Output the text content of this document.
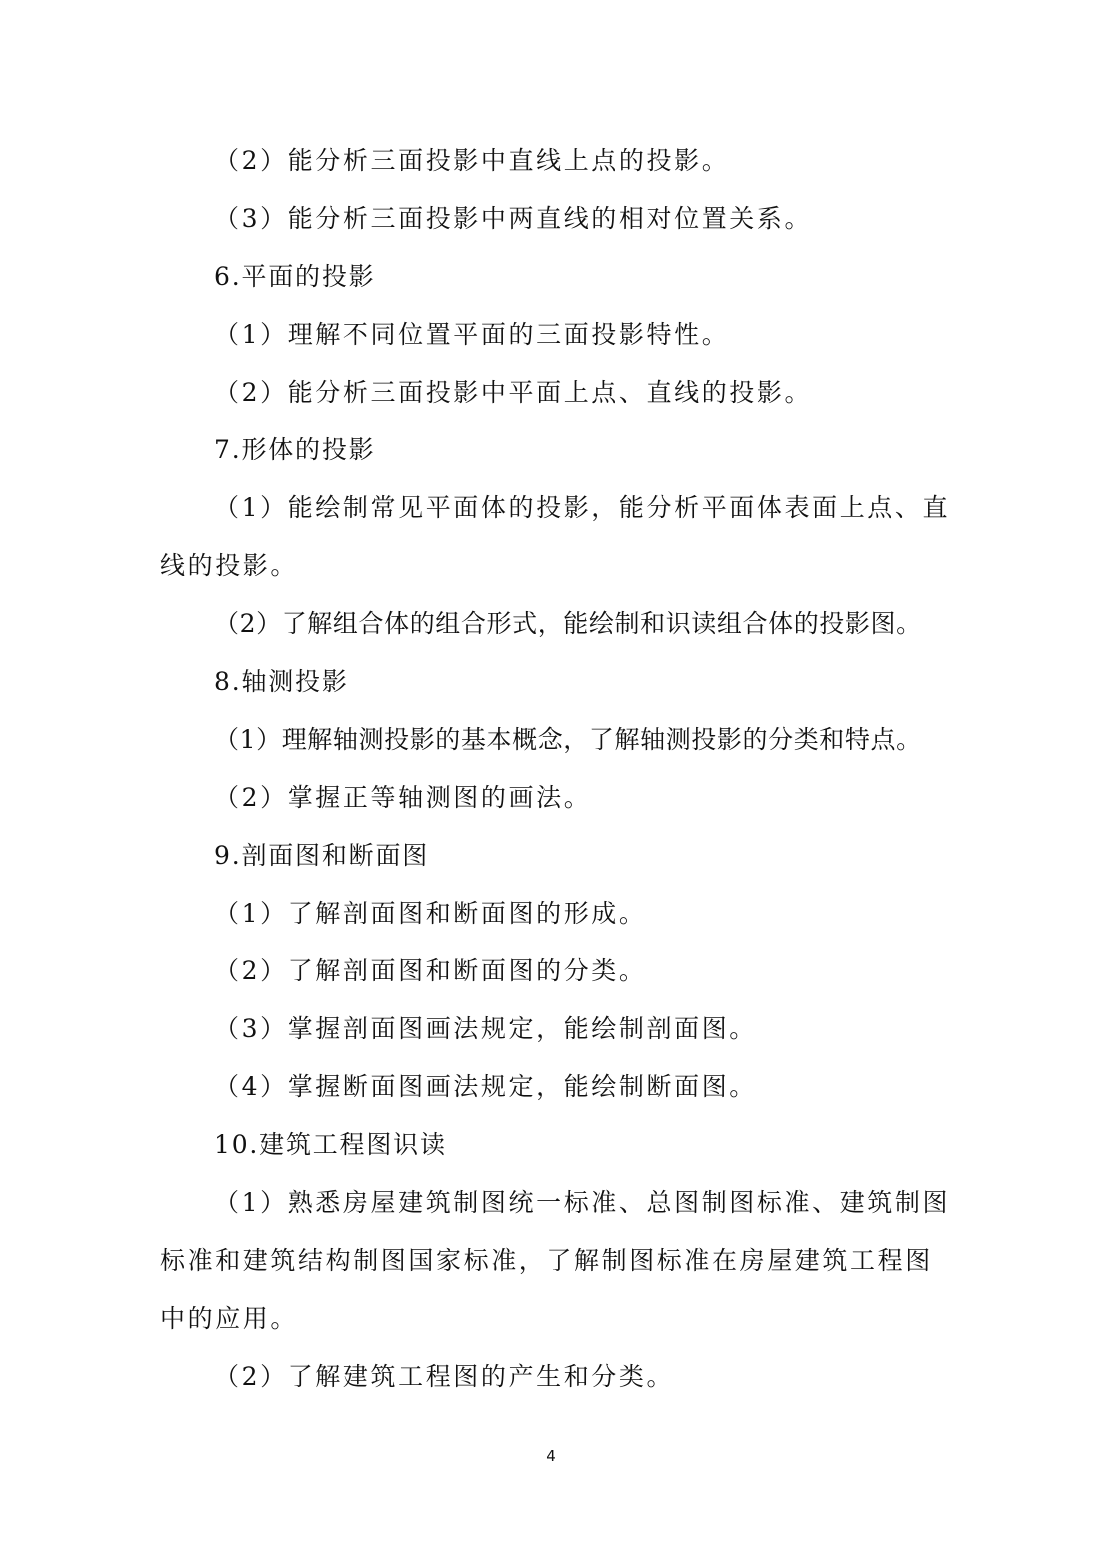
（2）能分析三面投影中直线上点的投影。
（3）能分析三面投影中两直线的相对位置关系。
6.平面的投影
（1）理解不同位置平面的三面投影特性。
（2）能分析三面投影中平面上点、直线的投影。
7.形体的投影
（1）能绘制常见平面体的投影，能分析平面体表面上点、直
线的投影。
（2）了解组合体的组合形式，能绘制和识读组合体的投影图。
8.轴测投影
（1）理解轴测投影的基本概念，了解轴测投影的分类和特点。
（2）掌握正等轴测图的画法。
9.剖面图和断面图
（1）了解剖面图和断面图的形成。
（2）了解剖面图和断面图的分类。
（3）掌握剖面图画法规定，能绘制剖面图。
（4）掌握断面图画法规定，能绘制断面图。
10.建筑工程图识读
（1）熟悉房屋建筑制图统一标准、总图制图标准、建筑制图
标准和建筑结构制图国家标准，了解制图标准在房屋建筑工程图
中的应用。
（2）了解建筑工程图的产生和分类。
4
